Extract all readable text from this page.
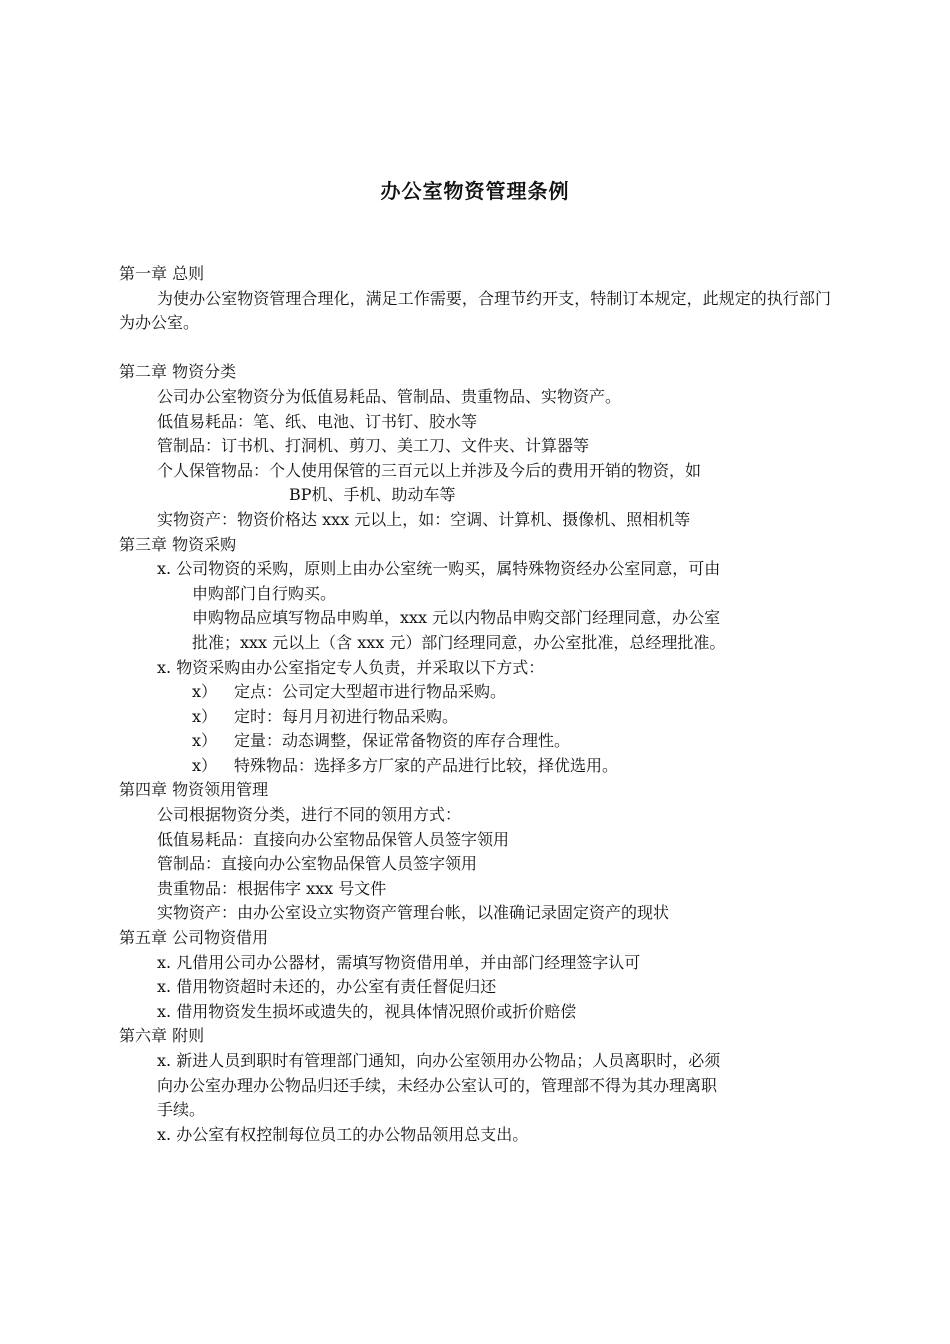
办公室物资管理条例
第一章 总则
为使办公室物资管理合理化，满足工作需要，合理节约开支，特制订本规定，此规定的执行部门为办公室。
第二章 物资分类
公司办公室物资分为低值易耗品、管制品、贵重物品、实物资产。
低值易耗品：笔、纸、电池、订书钉、胶水等
管制品：订书机、打洞机、剪刀、美工刀、文件夹、计算器等
个人保管物品：个人使用保管的三百元以上并涉及今后的费用开销的物资，如
BP机、手机、助动车等
实物资产：物资价格达 xxx 元以上，如：空调、计算机、摄像机、照相机等
第三章 物资采购
x. 公司物资的采购，原则上由办公室统一购买，属特殊物资经办公室同意，可由
申购部门自行购买。
申购物品应填写物品申购单，xxx 元以内物品申购交部门经理同意，办公室
批准；xxx 元以上（含 xxx 元）部门经理同意，办公室批准，总经理批准。
x. 物资采购由办公室指定专人负责，并采取以下方式：
x） 定点：公司定大型超市进行物品采购。
x） 定时：每月月初进行物品采购。
x） 定量：动态调整，保证常备物资的库存合理性。
x） 特殊物品：选择多方厂家的产品进行比较，择优选用。
第四章 物资领用管理
公司根据物资分类，进行不同的领用方式：
低值易耗品：直接向办公室物品保管人员签字领用
管制品：直接向办公室物品保管人员签字领用
贵重物品：根据伟字 xxx 号文件
实物资产：由办公室设立实物资产管理台帐，以准确记录固定资产的现状
第五章 公司物资借用
x. 凡借用公司办公器材，需填写物资借用单，并由部门经理签字认可
x. 借用物资超时未还的，办公室有责任督促归还
x. 借用物资发生损坏或遗失的，视具体情况照价或折价赔偿
第六章 附则
x. 新进人员到职时有管理部门通知，向办公室领用办公物品；人员离职时，必须
向办公室办理办公物品归还手续，未经办公室认可的，管理部不得为其办理离职
手续。
x. 办公室有权控制每位员工的办公物品领用总支出。
